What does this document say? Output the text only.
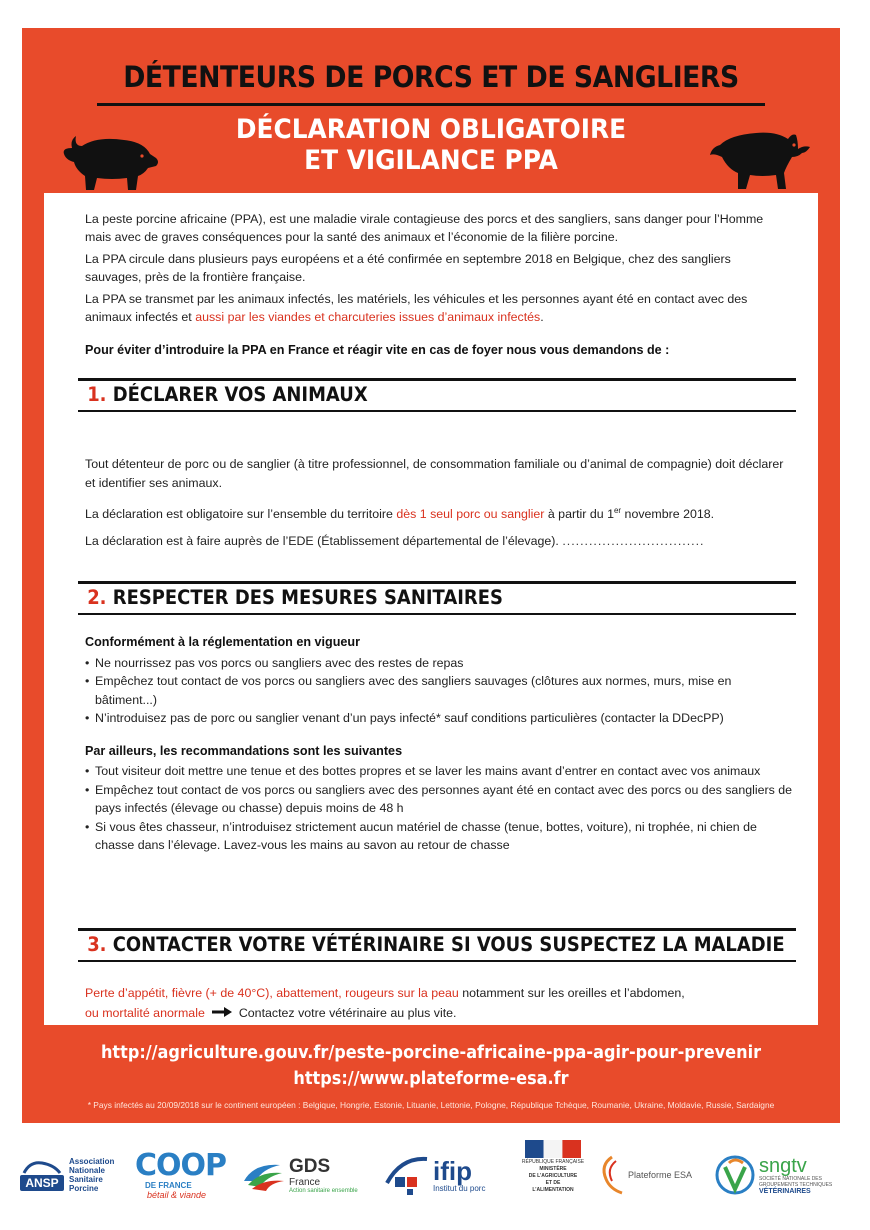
DÉTENTEURS DE PORCS ET DE SANGLIERS
DÉCLARATION OBLIGATOIRE
ET VIGILANCE PPA

La peste porcine africaine (PPA), est une maladie virale contagieuse des porcs et des sangliers, sans danger pour l’Homme mais avec de graves conséquences pour la santé des animaux et l’économie de la filière porcine.

La PPA circule dans plusieurs pays européens et a été confirmée en septembre 2018 en Belgique, chez des sangliers sauvages, près de la frontière française.

La PPA se transmet par les animaux infectés, les matériels, les véhicules et les personnes ayant été en contact avec des animaux infectés et aussi par les viandes et charcuteries issues d’animaux infectés.

Pour éviter d’introduire la PPA en France et réagir vite en cas de foyer nous vous demandons de :
1. DÉCLARER VOS ANIMAUX

Tout détenteur de porc ou de sanglier (à titre professionnel, de consommation familiale ou d’animal de compagnie) doit déclarer et identifier ses animaux.

La déclaration est obligatoire sur l’ensemble du territoire dès 1 seul porc ou sanglier à partir du 1er novembre 2018.

La déclaration est à faire auprès de l’EDE (Établissement départemental de l’élevage). ................................

2. RESPECTER DES MESURES SANITAIRES
Conformément à la réglementation en vigueur
• Ne nourrissez pas vos porcs ou sangliers avec des restes de repas
• Empêchez tout contact de vos porcs ou sangliers avec des sangliers sauvages (clôtures aux normes, murs, mise en bâtiment...)
• N’introduisez pas de porc ou sanglier venant d’un pays infecté* sauf conditions particulières (contacter la DDecPP)
Par ailleurs, les recommandations sont les suivantes
• Tout visiteur doit mettre une tenue et des bottes propres et se laver les mains avant d’entrer en contact avec vos animaux
• Empêchez tout contact de vos porcs ou sangliers avec des personnes ayant été en contact avec des porcs ou des sangliers de pays infectés (élevage ou chasse) depuis moins de 48 h
• Si vous êtes chasseur, n’introduisez strictement aucun matériel de chasse (tenue, bottes, voiture), ni trophée, ni chien de chasse dans l’élevage. Lavez-vous les mains au savon au retour de chasse
3. CONTACTER VOTRE VÉTÉRINAIRE SI VOUS SUSPECTEZ LA MALADIE
Perte d’appétit, fièvre (+ de 40°C), abattement, rougeurs sur la peau notamment sur les oreilles et l’abdomen,
ou mortalité anormale	Contactez votre vétérinaire au plus vite.
http://agriculture.gouv.fr/peste-porcine-africaine-ppa-agir-pour-prevenir
https://www.plateforme-esa.fr
* Pays infectés au 20/09/2018 sur le continent européen : Belgique, Hongrie, Estonie, Lituanie, Lettonie, Pologne, République Tchèque, Roumanie, Ukraine, Moldavie, Russie, Sardaigne
ANSP
Association
Nationale
Sanitaire
Porcine
COOP
DE FRANCE
bétail & viande
GDS
France
Action sanitaire ensemble
ifip
Institut du porc
RÉPUBLIQUE FRANÇAISE
MINISTÈRE
DE L’AGRICULTURE
ET DE
L’ALIMENTATION
Plateforme ESA	sngtv
SOCIÉTÉ NATIONALE DES
GROUPEMENTS TECHNIQUES
VÉTÉRINAIRES
